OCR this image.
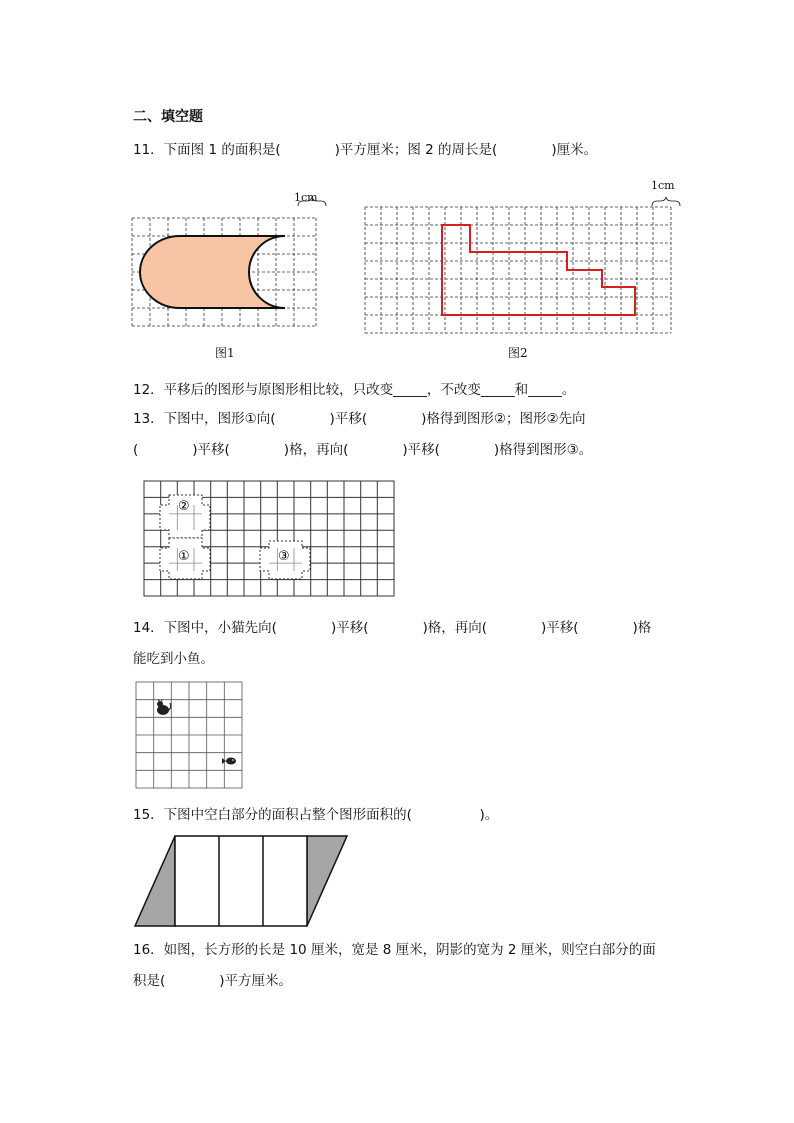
二、填空题
11．下面图 1 的面积是(　　　　)平方厘米；图 2 的周长是(　　　　)厘米。
1cm
图1
1cm
图2
12．平移后的图形与原图形相比较，只改变_____，不改变_____和_____。
13．下图中，图形①向(　　　　)平移(　　　　)格得到图形②；图形②先向
(　　　　)平移(　　　　)格，再向(　　　　)平移(　　　　)格得到图形③。
②
①	③
14．下图中，小猫先向(　　　　)平移(　　　　)格，再向(　　　　)平移(　　　　)格
能吃到小鱼。
15．下图中空白部分的面积占整个图形面积的(　　　　　)。
16．如图，长方形的长是 10 厘米，宽是 8 厘米，阴影的宽为 2 厘米，则空白部分的面
积是(　　　　)平方厘米。
